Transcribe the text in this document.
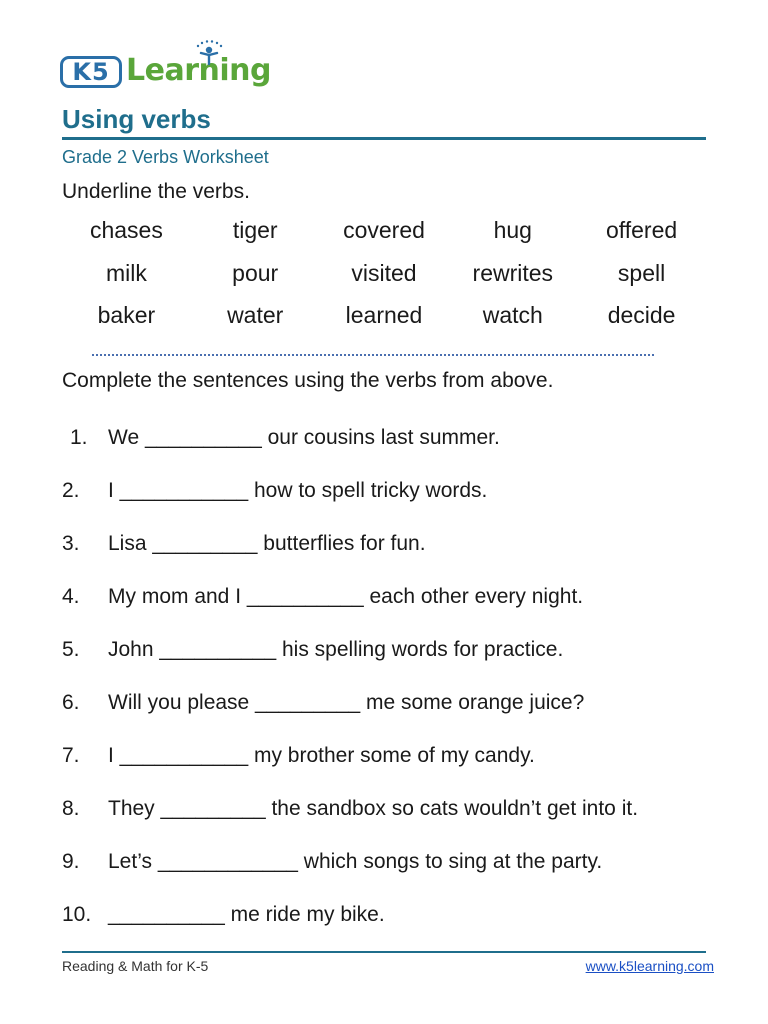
K5 Learning
Using verbs
Grade 2 Verbs Worksheet
Underline the verbs.
chases	tiger	covered	hug	offered
milk	pour	visited	rewrites	spell
baker	water	learned	watch	decide
Complete the sentences using the verbs from above.
1. We __________ our cousins last summer.
2.	I ___________ how to spell tricky words.
3.	Lisa _________ butterflies for fun.
4.	My mom and I __________ each other every night.
5.	John __________ his spelling words for practice.
6.	Will you please _________ me some orange juice?
7.	I ___________ my brother some of my candy.
8.	They _________ the sandbox so cats wouldn’t get into it.
9.	Let’s ____________ which songs to sing at the party.
10. __________ me ride my bike.
Reading & Math for K-5	www.k5learning.com
